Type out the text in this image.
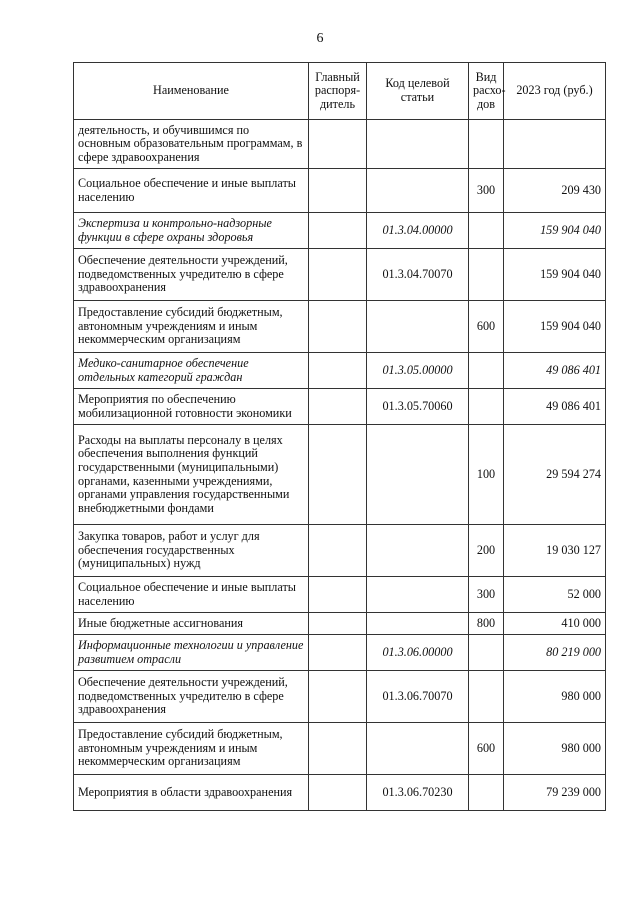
6
Наименование	Главный распоря-дитель	Код целевой статьи	Вид расхо-дов	2023 год (руб.)
деятельность, и обучившимся по основным образовательным программам, в сфере здравоохранения				
Социальное обеспечение и иные выплаты населению			300	209 430
Экспертиза и контрольно-надзорные функции в сфере охраны здоровья		01.3.04.00000		159 904 040
Обеспечение деятельности учреждений, подведомственных учредителю в сфере здравоохранения		01.3.04.70070		159 904 040
Предоставление субсидий бюджетным, автономным учреждениям и иным некоммерческим организациям			600	159 904 040
Медико-санитарное обеспечение отдельных категорий граждан		01.3.05.00000		49 086 401
Мероприятия по обеспечению мобилизационной готовности экономики		01.3.05.70060		49 086 401
Расходы на выплаты персоналу в целях обеспечения выполнения функций государственными (муниципальными) органами, казенными учреждениями, органами управления государственными внебюджетными фондами			100	29 594 274
Закупка товаров, работ и услуг для обеспечения государственных (муниципальных) нужд			200	19 030 127
Социальное обеспечение и иные выплаты населению			300	52 000
Иные бюджетные ассигнования			800	410 000
Информационные технологии и управление развитием отрасли		01.3.06.00000		80 219 000
Обеспечение деятельности учреждений, подведомственных учредителю в сфере здравоохранения		01.3.06.70070		980 000
Предоставление субсидий бюджетным, автономным учреждениям и иным некоммерческим организациям			600	980 000
Мероприятия в области здравоохранения		01.3.06.70230		79 239 000
